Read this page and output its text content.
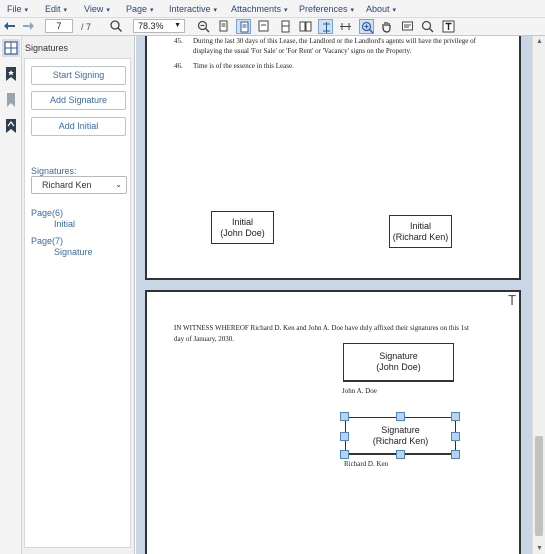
File ▾ Edit ▾ View ▾ Page ▾ Interactive ▾ Attachments ▾ Preferences ▾ About ▾
7
/ 7	78.3% ▼
Signatures
Start Signing
Add Signature
Add Initial
Signatures:
Richard Ken	⌄
Page(6)
Initial
Page(7)
Signature
45. During the last 30 days of this Lease, the Landlord or the Landlord's agents will have the privilege of
displaying the usual 'For Sale' or 'For Rent' or 'Vacancy' signs on the Property.
46. Time is of the essence in this Lease.
Initial
(John Doe)
Initial
(Richard Ken)
T
IN WITNESS WHEREOF Richard D. Ken and John A. Doe have duly affixed their signatures on this 1st
day of January, 2030.
Signature
(John Doe)
John A. Doe
Signature
(Richard Ken)
Richard D. Ken
▲
▼
